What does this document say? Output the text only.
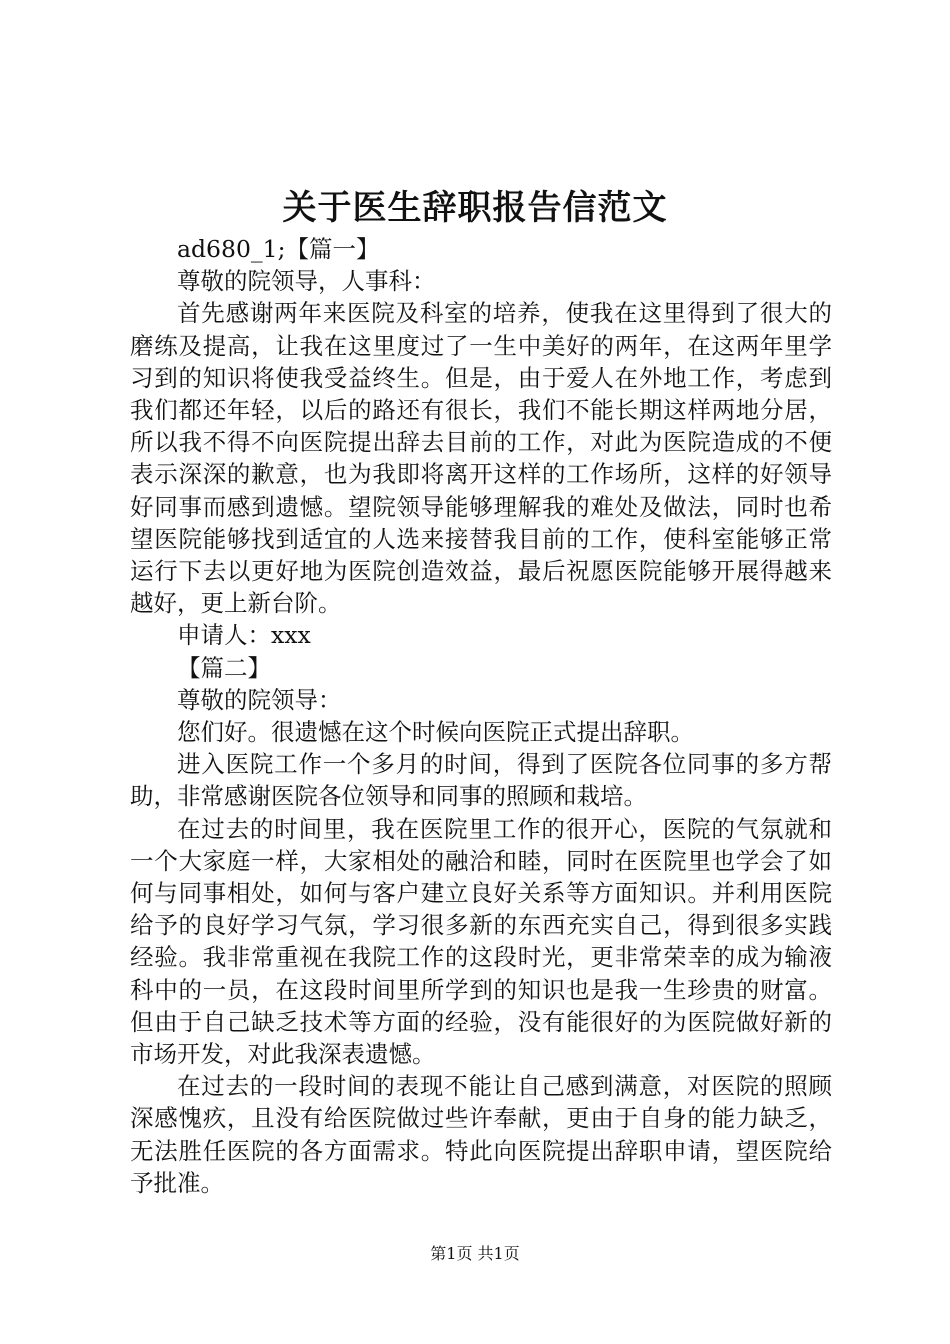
关于医生辞职报告信范文

ad680_1;【篇一】

尊敬的院领导，人事科：

首先感谢两年来医院及科室的培养，使我在这里得到了很大的磨练及提高，让我在这里度过了一生中美好的两年，在这两年里学习到的知识将使我受益终生。但是，由于爱人在外地工作，考虑到我们都还年轻，以后的路还有很长，我们不能长期这样两地分居，所以我不得不向医院提出辞去目前的工作，对此为医院造成的不便表示深深的歉意，也为我即将离开这样的工作场所，这样的好领导好同事而感到遗憾。望院领导能够理解我的难处及做法，同时也希望医院能够找到适宜的人选来接替我目前的工作，使科室能够正常运行下去以更好地为医院创造效益，最后祝愿医院能够开展得越来越好，更上新台阶。

申请人：xxx

【篇二】

尊敬的院领导：

您们好。很遗憾在这个时候向医院正式提出辞职。

进入医院工作一个多月的时间，得到了医院各位同事的多方帮助，非常感谢医院各位领导和同事的照顾和栽培。

在过去的时间里，我在医院里工作的很开心，医院的气氛就和一个大家庭一样，大家相处的融洽和睦，同时在医院里也学会了如何与同事相处，如何与客户建立良好关系等方面知识。并利用医院给予的良好学习气氛，学习很多新的东西充实自己，得到很多实践经验。我非常重视在我院工作的这段时光，更非常荣幸的成为输液科中的一员，在这段时间里所学到的知识也是我一生珍贵的财富。但由于自己缺乏技术等方面的经验，没有能很好的为医院做好新的市场开发，对此我深表遗憾。

在过去的一段时间的表现不能让自己感到满意，对医院的照顾深感愧疚，且没有给医院做过些许奉献，更由于自身的能力缺乏，无法胜任医院的各方面需求。特此向医院提出辞职申请，望医院给予批准。

第1页 共1页
